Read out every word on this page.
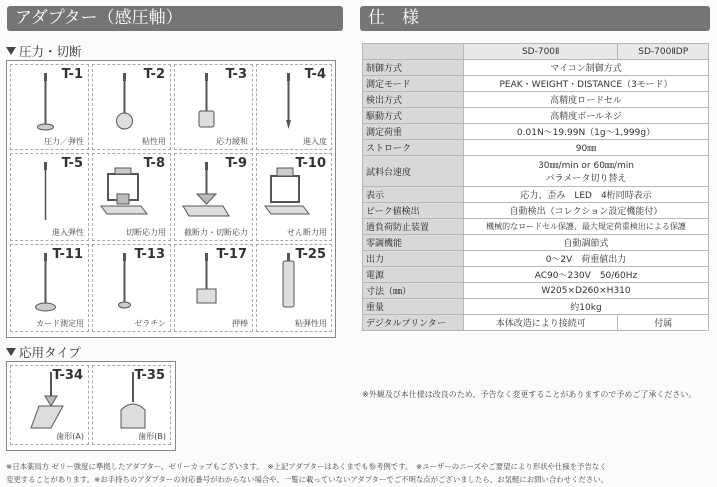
アダプター（感圧軸）	仕　様
圧力・切断
T-1
圧力／弾性
T-2
粘性用
T-3
応力緩和
T-4
進入度
T-5
進入弾性
T-8
切断応力用
T-9
截断力・切断応力
T-10
せん断力用
T-11
カード測定用
T-13
ゼラチン
T-17
押棒
T-25
粘弾性用
応用タイプ
T-34
歯形(A)
T-35
歯形(B)
	SD-700Ⅱ	SD-700ⅡDP
制御方式	マイコン制御方式	
測定モード	PEAK・WEIGHT・DISTANCE（3モード）	
検出方式	高精度ロードセル	
駆動方式	高精度ボールネジ	
測定荷重	0.01N〜19.99N（1g〜1,999g）	
ストローク	90㎜	
試料台速度	30㎜/min or 60㎜/min
パラメータ切り替え	

表示	応力、歪み　LED　4桁同時表示	
ピーク値検出	自動検出（コレクション設定機能付）	
過負荷防止装置	機械的なロードセル保護、最大規定荷重検出による保護	
零調機能	自動調節式	
出力	0〜2V　荷重値出力	
電源	AC90〜230V　50/60Hz	
寸法（㎜）	W205×D260×H310	
重量	約10kg	
デジタルプリンター	本体改造により接続可	付属
※外観及び本仕様は改良のため、予告なく変更することがありますので予めご了承ください。
※日本薬局方 ゼリー強度に準拠したアダプター、ゼリーカップもございます。　※上記アダプターはあくまでも参考例です。　※ユーザーのニーズやご要望により形状や仕様を予告なく
変更することがあります。※お手持ちのアダプターの対応番号がわからない場合や、一覧に載っていないアダプターでご不明な点がございましたら、お気軽にお問い合わせください。
